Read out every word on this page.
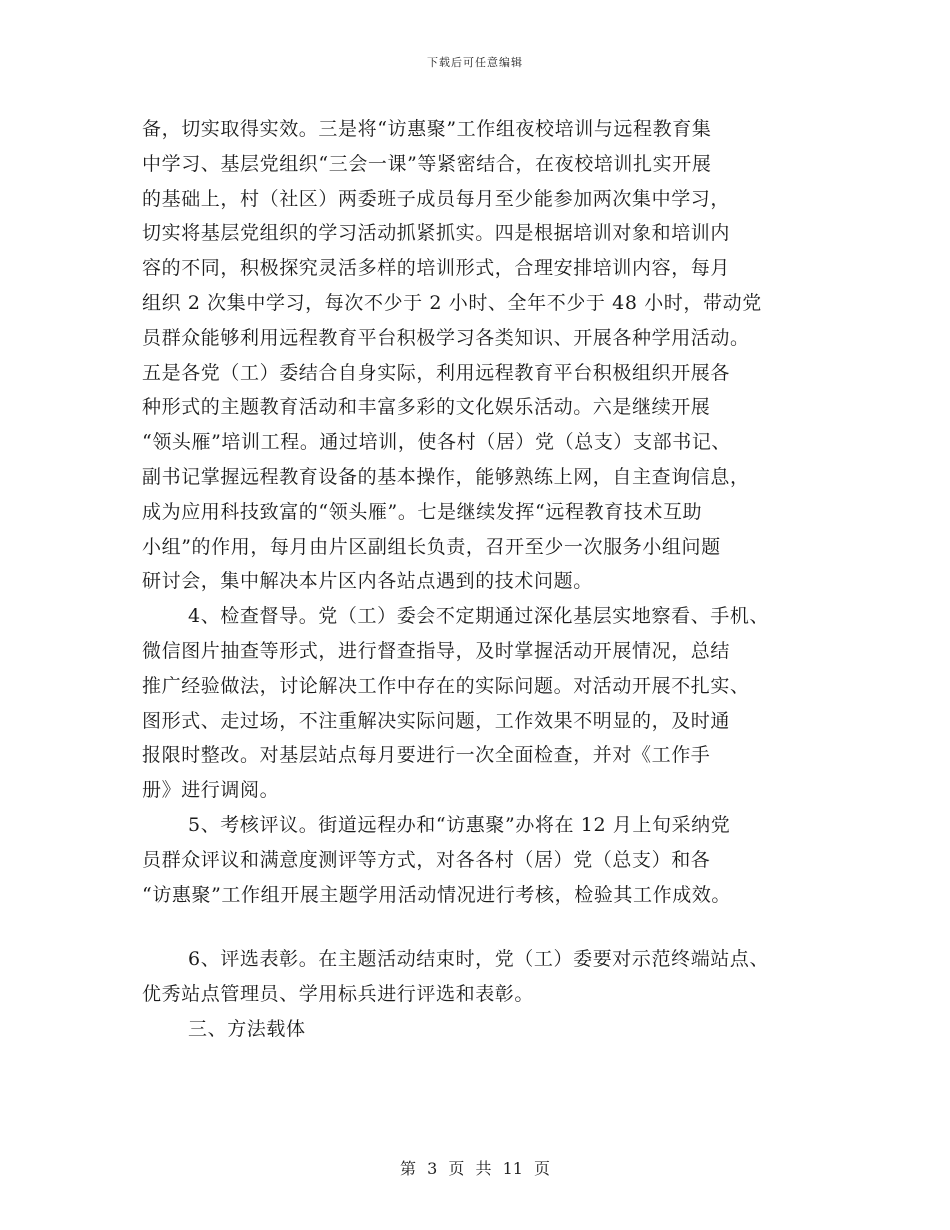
下载后可任意编辑
备，切实取得实效。三是将“访惠聚”工作组夜校培训与远程教育集
中学习、基层党组织“三会一课”等紧密结合，在夜校培训扎实开展
的基础上，村（社区）两委班子成员每月至少能参加两次集中学习，
切实将基层党组织的学习活动抓紧抓实。四是根据培训对象和培训内
容的不同，积极探究灵活多样的培训形式，合理安排培训内容，每月
组织 2 次集中学习，每次不少于 2 小时、全年不少于 48 小时，带动党
员群众能够利用远程教育平台积极学习各类知识、开展各种学用活动。
五是各党（工）委结合自身实际，利用远程教育平台积极组织开展各
种形式的主题教育活动和丰富多彩的文化娱乐活动。六是继续开展
“领头雁”培训工程。通过培训，使各村（居）党（总支）支部书记、
副书记掌握远程教育设备的基本操作，能够熟练上网，自主查询信息，
成为应用科技致富的“领头雁”。七是继续发挥“远程教育技术互助
小组”的作用，每月由片区副组长负责，召开至少一次服务小组问题
研讨会，集中解决本片区内各站点遇到的技术问题。
4、检查督导。党（工）委会不定期通过深化基层实地察看、手机、
微信图片抽查等形式，进行督查指导，及时掌握活动开展情况，总结
推广经验做法，讨论解决工作中存在的实际问题。对活动开展不扎实、
图形式、走过场，不注重解决实际问题，工作效果不明显的，及时通
报限时整改。对基层站点每月要进行一次全面检查，并对《工作手
册》进行调阅。
5、考核评议。街道远程办和“访惠聚”办将在 12 月上旬采纳党
员群众评议和满意度测评等方式，对各各村（居）党（总支）和各
“访惠聚”工作组开展主题学用活动情况进行考核，检验其工作成效。
6、评选表彰。在主题活动结束时，党（工）委要对示范终端站点、
优秀站点管理员、学用标兵进行评选和表彰。
三、方法载体
第 3 页 共 11 页
